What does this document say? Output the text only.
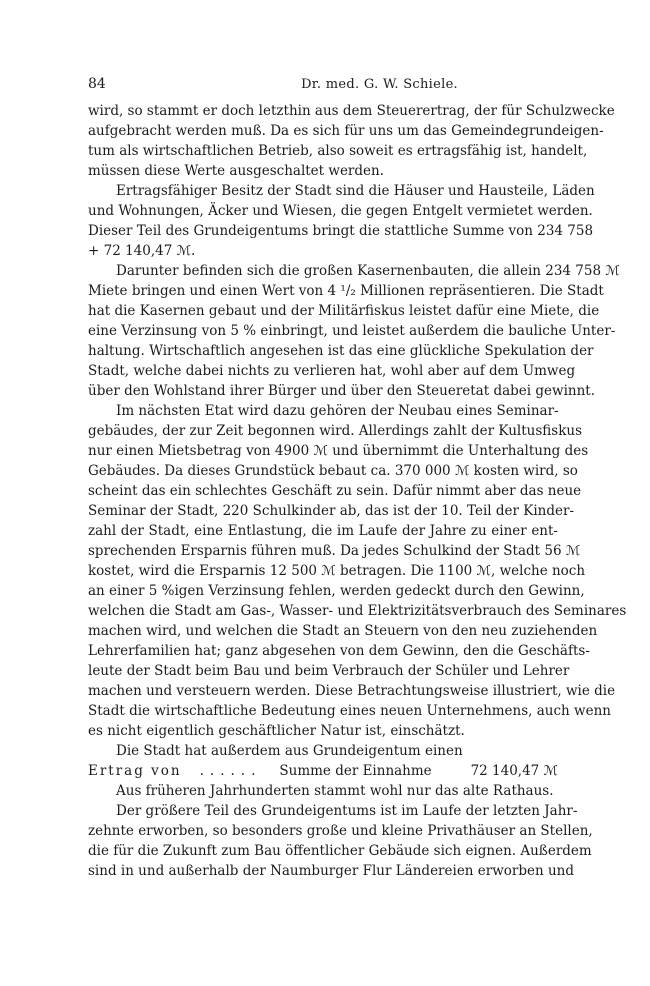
84	Dr. med. G. W. Schiele.
wird, so stammt er doch letzthin aus dem Steuerertrag, der für Schulzwecke
aufgebracht werden muß. Da es sich für uns um das Gemeindegrundeigen-
tum als wirtschaftlichen Betrieb, also soweit es ertragsfähig ist, handelt,
müssen diese Werte ausgeschaltet werden.
Ertragsfähiger Besitz der Stadt sind die Häuser und Hausteile, Läden
und Wohnungen, Äcker und Wiesen, die gegen Entgelt vermietet werden.
Dieser Teil des Grundeigentums bringt die stattliche Summe von 234 758
+ 72 140,47 ℳ.
Darunter befinden sich die großen Kasernenbauten, die allein 234 758 ℳ
Miete bringen und einen Wert von 4 ¹/₂ Millionen repräsentieren. Die Stadt
hat die Kasernen gebaut und der Militärfiskus leistet dafür eine Miete, die
eine Verzinsung von 5 % einbringt, und leistet außerdem die bauliche Unter-
haltung. Wirtschaftlich angesehen ist das eine glückliche Spekulation der
Stadt, welche dabei nichts zu verlieren hat, wohl aber auf dem Umweg
über den Wohlstand ihrer Bürger und über den Steueretat dabei gewinnt.
Im nächsten Etat wird dazu gehören der Neubau eines Seminar-
gebäudes, der zur Zeit begonnen wird. Allerdings zahlt der Kultusfiskus
nur einen Mietsbetrag von 4900 ℳ und übernimmt die Unterhaltung des
Gebäudes. Da dieses Grundstück bebaut ca. 370 000 ℳ kosten wird, so
scheint das ein schlechtes Geschäft zu sein. Dafür nimmt aber das neue
Seminar der Stadt, 220 Schulkinder ab, das ist der 10. Teil der Kinder-
zahl der Stadt, eine Entlastung, die im Laufe der Jahre zu einer ent-
sprechenden Ersparnis führen muß. Da jedes Schulkind der Stadt 56 ℳ
kostet, wird die Ersparnis 12 500 ℳ betragen. Die 1100 ℳ, welche noch
an einer 5 %igen Verzinsung fehlen, werden gedeckt durch den Gewinn,
welchen die Stadt am Gas-, Wasser- und Elektrizitätsverbrauch des Seminares
machen wird, und welchen die Stadt an Steuern von den neu zuziehenden
Lehrerfamilien hat; ganz abgesehen von dem Gewinn, den die Geschäfts-
leute der Stadt beim Bau und beim Verbrauch der Schüler und Lehrer
machen und versteuern werden. Diese Betrachtungsweise illustriert, wie die
Stadt die wirtschaftliche Bedeutung eines neuen Unternehmens, auch wenn
es nicht eigentlich geschäftlicher Natur ist, einschätzt.
Die Stadt hat außerdem aus Grundeigentum einen
Ertrag von ...... Summe der Einnahme	72 140,47 ℳ
Aus früheren Jahrhunderten stammt wohl nur das alte Rathaus.
Der größere Teil des Grundeigentums ist im Laufe der letzten Jahr-
zehnte erworben, so besonders große und kleine Privathäuser an Stellen,
die für die Zukunft zum Bau öffentlicher Gebäude sich eignen. Außerdem
sind in und außerhalb der Naumburger Flur Ländereien erworben und
